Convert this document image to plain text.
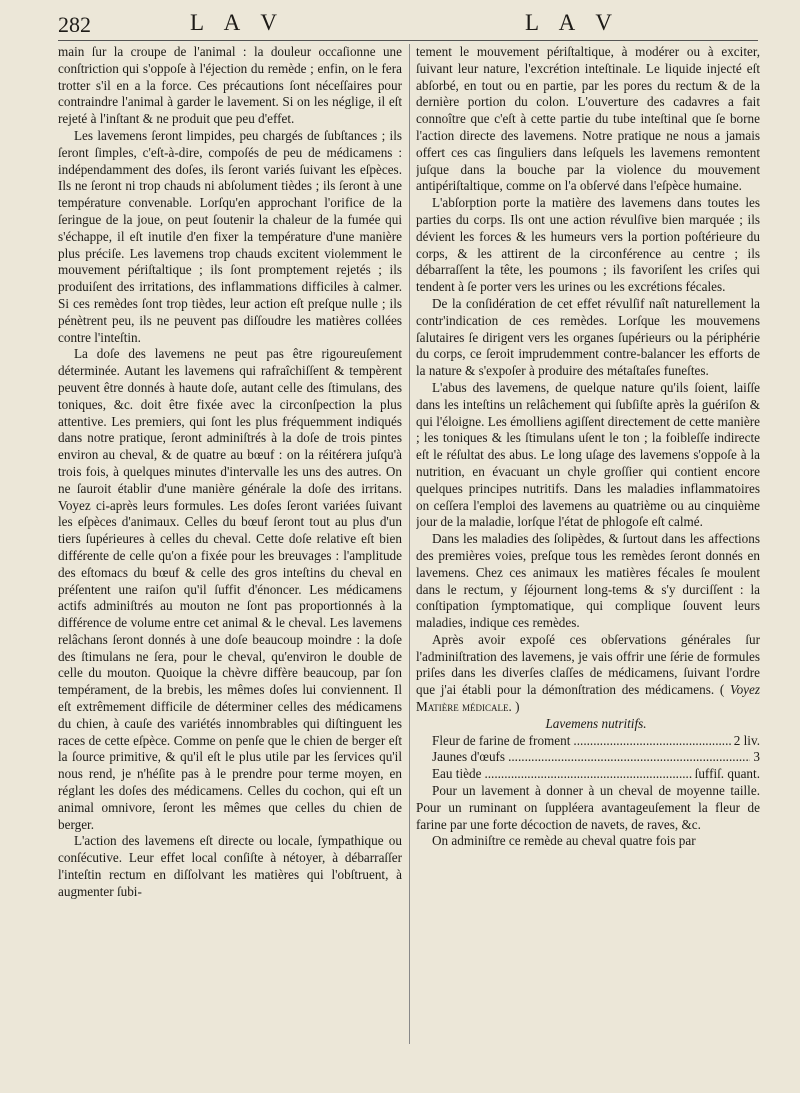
282	L A V	L A V

main ſur la croupe de l'animal : la douleur occaſionne une conſtriction qui s'oppoſe à l'éjection du remède ; enfin, on le fera trotter s'il en a la force. Ces précautions ſont néceſſaires pour contraindre l'animal à garder le lavement. Si on les néglige, il eſt rejeté à l'inſtant & ne produit que peu d'effet.

Les lavemens ſeront limpides, peu chargés de ſubſtances ; ils ſeront ſimples, c'eſt-à-dire, compoſés de peu de médicamens : indépendamment des doſes, ils ſeront variés ſuivant les eſpèces. Ils ne ſeront ni trop chauds ni abſolument tièdes ; ils ſeront à une température convenable. Lorſqu'en approchant l'orifice de la ſeringue de la joue, on peut ſoutenir la chaleur de la fumée qui s'échappe, il eſt inutile d'en fixer la température d'une manière plus préciſe. Les lavemens trop chauds excitent violemment le mouvement périſtaltique ; ils ſont promptement rejetés ; ils produiſent des irritations, des inflammations difficiles à calmer. Si ces remèdes ſont trop tièdes, leur action eſt preſque nulle ; ils pénètrent peu, ils ne peuvent pas diſſoudre les matières collées contre l'inteſtin.

La doſe des lavemens ne peut pas être rigoureuſement déterminée. Autant les lavemens qui rafraîchiſſent & tempèrent peuvent être donnés à haute doſe, autant celle des ſtimulans, des toniques, &c. doit être fixée avec la circonſpection la plus attentive. Les premiers, qui ſont les plus fréquemment indiqués dans notre pratique, ſeront adminiſtrés à la doſe de trois pintes environ au cheval, & de quatre au bœuf : on la réitérera juſqu'à trois fois, à quelques minutes d'intervalle les uns des autres. On ne ſauroit établir d'une manière générale la doſe des irritans. Voyez ci-après leurs formules. Les doſes ſeront variées ſuivant les eſpèces d'animaux. Celles du bœuf ſeront tout au plus d'un tiers ſupérieures à celles du cheval. Cette doſe relative eſt bien différente de celle qu'on a fixée pour les breuvages : l'amplitude des eſtomacs du bœuf & celle des gros inteſtins du cheval en préſentent une raiſon qu'il ſuffit d'énoncer. Les médicamens actifs adminiſtrés au mouton ne ſont pas proportionnés à la différence de volume entre cet animal & le cheval. Les lavemens relâchans ſeront donnés à une doſe beaucoup moindre : la doſe des ſtimulans ne ſera, pour le cheval, qu'environ le double de celle du mouton. Quoique la chèvre diffère beaucoup, par ſon tempérament, de la brebis, les mêmes doſes lui conviennent. Il eſt extrêmement difficile de déterminer celles des médicamens du chien, à cauſe des variétés innombrables qui diſtinguent les races de cette eſpèce. Comme on penſe que le chien de berger eſt la ſource primitive, & qu'il eſt le plus utile par les ſervices qu'il nous rend, je n'héſite pas à le prendre pour terme moyen, en réglant les doſes des médicamens. Celles du cochon, qui eſt un animal omnivore, ſeront les mêmes que celles du chien de berger.

L'action des lavemens eſt directe ou locale, ſympathique ou conſécutive. Leur effet local conſiſte à nétoyer, à débarraſſer l'inteſtin rectum en diſſolvant les matières qui l'obſtruent, à augmenter ſubi-

tement le mouvement périſtaltique, à modérer ou à exciter, ſuivant leur nature, l'excrétion inteſtinale. Le liquide injecté eſt abſorbé, en tout ou en partie, par les pores du rectum & de la dernière portion du colon. L'ouverture des cadavres a fait connoître que c'eſt à cette partie du tube inteſtinal que ſe borne l'action directe des lavemens. Notre pratique ne nous a jamais offert ces cas ſinguliers dans leſquels les lavemens remontent juſque dans la bouche par la violence du mouvement antipériſtaltique, comme on l'a obſervé dans l'eſpèce humaine.

L'abſorption porte la matière des lavemens dans toutes les parties du corps. Ils ont une action révulſive bien marquée ; ils dévient les forces & les humeurs vers la portion poſtérieure du corps, & les attirent de la circonférence au centre ; ils débarraſſent la tête, les poumons ; ils favoriſent les criſes qui tendent à ſe porter vers les urines ou les excrétions fécales.

De la conſidération de cet effet révulſif naît naturellement la contr'indication de ces remèdes. Lorſque les mouvemens ſalutaires ſe dirigent vers les organes ſupérieurs ou la périphérie du corps, ce ſeroit imprudemment contre-balancer les efforts de la nature & s'expoſer à produire des métaſtaſes funeſtes.

L'abus des lavemens, de quelque nature qu'ils ſoient, laiſſe dans les inteſtins un relâchement qui ſubſiſte après la guériſon & qui l'éloigne. Les émolliens agiſſent directement de cette manière ; les toniques & les ſtimulans uſent le ton ; la foibleſſe indirecte eſt le réſultat des abus. Le long uſage des lavemens s'oppoſe à la nutrition, en évacuant un chyle groſſier qui contient encore quelques principes nutritifs. Dans les maladies inflammatoires on ceſſera l'emploi des lavemens au quatrième ou au cinquième jour de la maladie, lorſque l'état de phlogoſe eſt calmé.

Dans les maladies des ſolipèdes, & ſurtout dans les affections des premières voies, preſque tous les remèdes ſeront donnés en lavemens. Chez ces animaux les matières fécales ſe moulent dans le rectum, y ſéjournent long-tems & s'y durciſſent : la conſtipation ſymptomatique, qui complique ſouvent leurs maladies, indique ces remèdes.

Après avoir expoſé ces obſervations générales ſur l'adminiſtration des lavemens, je vais offrir une ſérie de formules priſes dans les diverſes claſſes de médicamens, ſuivant l'ordre que j'ai établi pour la démonſtration des médicamens. ( Voyez Matière médicale. )

Lavemens nutritifs.

Fleur de farine de froment .....	2 liv.
Jaunes d'œufs .....	3
Eau tiède .....	ſuffiſ. quant.

Pour un lavement à donner à un cheval de moyenne taille. Pour un ruminant on ſuppléera avantageuſement la fleur de farine par une forte décoction de navets, de raves, &c.

On adminiſtre ce remède au cheval quatre fois par
